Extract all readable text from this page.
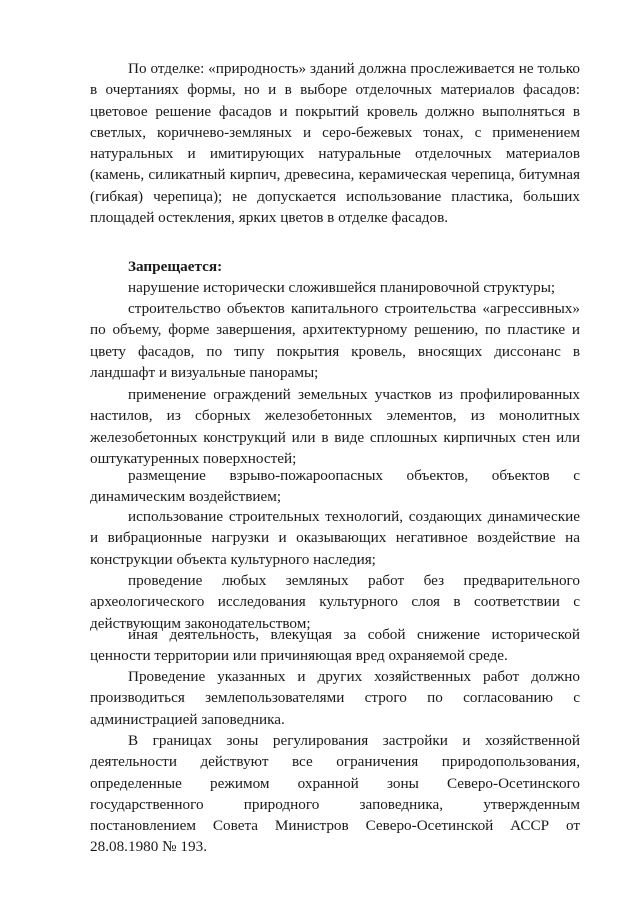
По отделке: «природность» зданий должна прослеживается не только в очертаниях формы, но и в выборе отделочных материалов фасадов: цветовое решение фасадов и покрытий кровель должно выполняться в светлых, коричнево-земляных и серо-бежевых тонах, с применением натуральных и имитирующих натуральные отделочных материалов (камень, силикатный кирпич, древесина, керамическая черепица, битумная (гибкая) черепица); не допускается использование пластика, больших площадей остекления, ярких цветов в отделке фасадов.

Запрещается:

нарушение исторически сложившейся планировочной структуры;

строительство объектов капитального строительства «агрессивных» по объему, форме завершения, архитектурному решению, по пластике и цвету фасадов, по типу покрытия кровель, вносящих диссонанс в ландшафт и визуальные панорамы;

применение ограждений земельных участков из профилированных настилов, из сборных железобетонных элементов, из монолитных железобетонных конструкций или в виде сплошных кирпичных стен или оштукатуренных поверхностей;

размещение взрыво-пожароопасных объектов, объектов с динамическим воздействием;

использование строительных технологий, создающих динамические и вибрационные нагрузки и оказывающих негативное воздействие на конструкции объекта культурного наследия;

проведение любых земляных работ без предварительного археологического исследования культурного слоя в соответствии с действующим законодательством;

иная деятельность, влекущая за собой снижение исторической ценности территории или причиняющая вред охраняемой среде.

Проведение указанных и других хозяйственных работ должно производиться землепользователями строго по согласованию с администрацией заповедника.

В границах зоны регулирования застройки и хозяйственной деятельности действуют все ограничения природопользования, определенные режимом охранной зоны Северо-Осетинского государственного природного заповедника, утвержденным постановлением Совета Министров Северо-Осетинской АССР от 28.08.1980 № 193.
